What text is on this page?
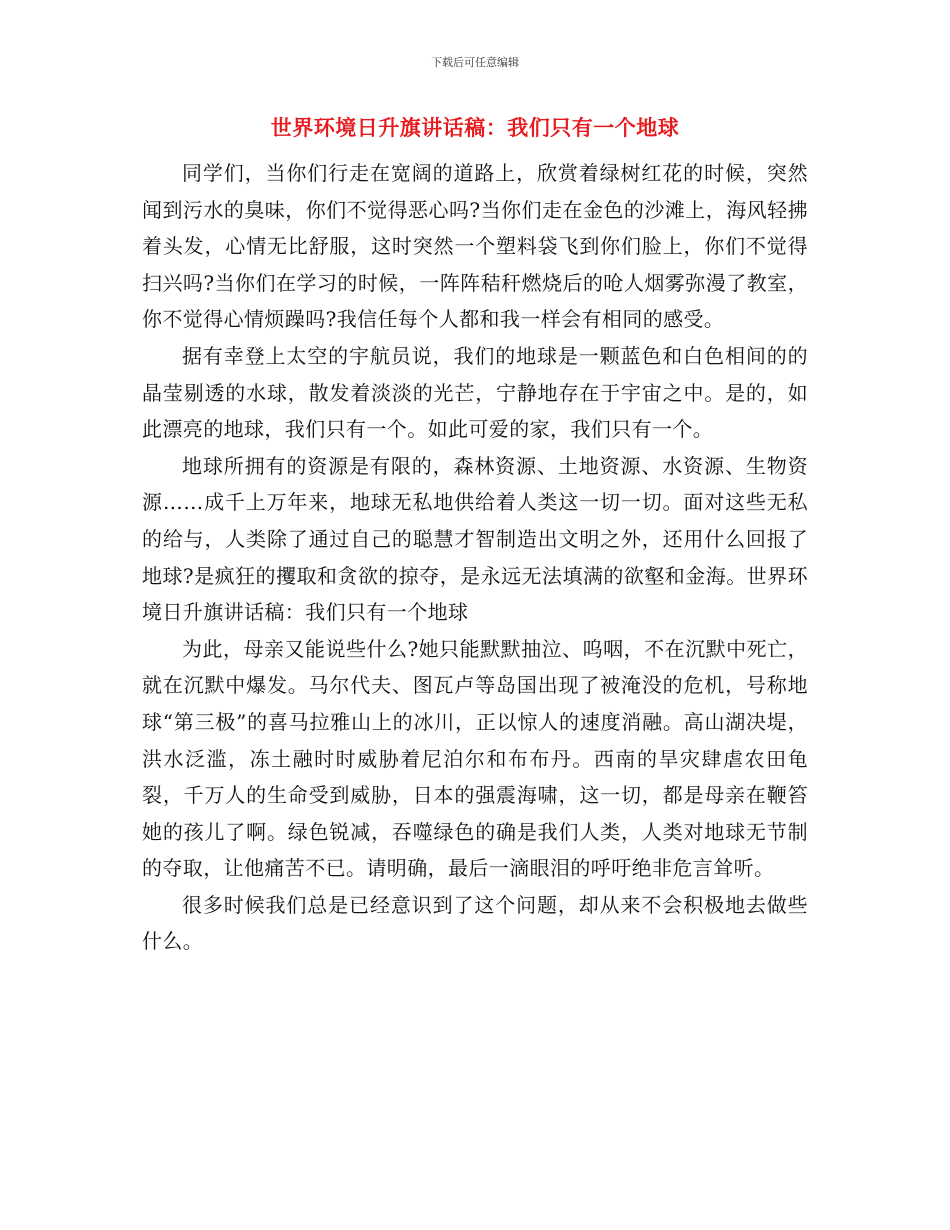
下载后可任意编辑
世界环境日升旗讲话稿：我们只有一个地球

同学们，当你们行走在宽阔的道路上，欣赏着绿树红花的时候，突然闻到污水的臭味，你们不觉得恶心吗?当你们走在金色的沙滩上，海风轻拂着头发，心情无比舒服，这时突然一个塑料袋飞到你们脸上，你们不觉得扫兴吗?当你们在学习的时候，一阵阵秸秆燃烧后的呛人烟雾弥漫了教室，你不觉得心情烦躁吗?我信任每个人都和我一样会有相同的感受。

据有幸登上太空的宇航员说，我们的地球是一颗蓝色和白色相间的的晶莹剔透的水球，散发着淡淡的光芒，宁静地存在于宇宙之中。是的，如此漂亮的地球，我们只有一个。如此可爱的家，我们只有一个。

地球所拥有的资源是有限的，森林资源、土地资源、水资源、生物资源……成千上万年来，地球无私地供给着人类这一切一切。面对这些无私的给与，人类除了通过自己的聪慧才智制造出文明之外，还用什么回报了地球?是疯狂的攫取和贪欲的掠夺，是永远无法填满的欲壑和金海。世界环境日升旗讲话稿：我们只有一个地球

为此，母亲又能说些什么?她只能默默抽泣、呜咽，不在沉默中死亡，就在沉默中爆发。马尔代夫、图瓦卢等岛国出现了被淹没的危机，号称地球“第三极”的喜马拉雅山上的冰川，正以惊人的速度消融。高山湖决堤，洪水泛滥，冻土融时时威胁着尼泊尔和布布丹。西南的旱灾肆虐农田龟裂，千万人的生命受到威胁，日本的强震海啸，这一切，都是母亲在鞭笞她的孩儿了啊。绿色锐减，吞噬绿色的确是我们人类，人类对地球无节制的夺取，让他痛苦不已。请明确，最后一滴眼泪的呼吁绝非危言耸听。

很多时候我们总是已经意识到了这个问题，却从来不会积极地去做些什么。
